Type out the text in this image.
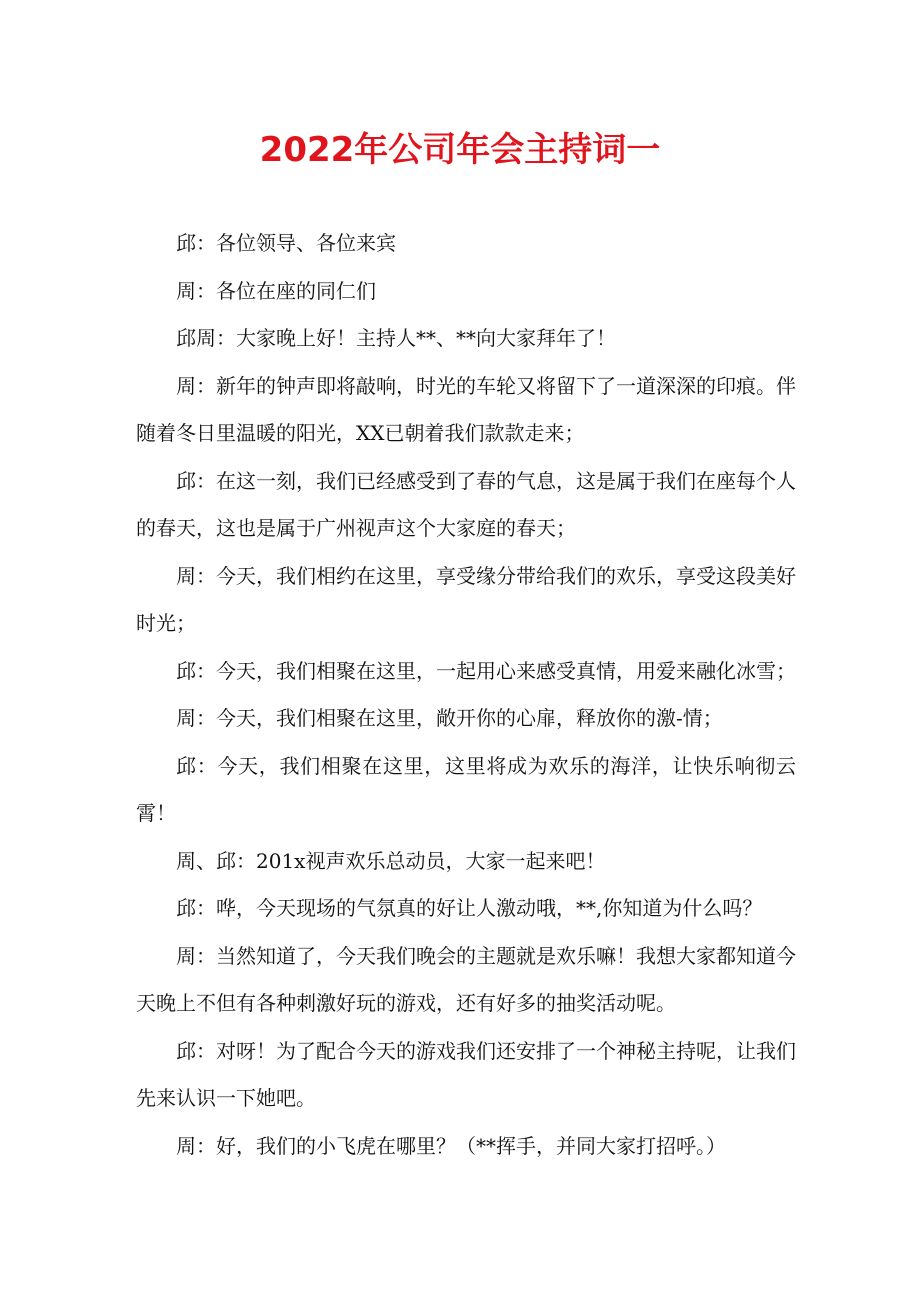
2022年公司年会主持词一

邱：各位领导、各位来宾

周：各位在座的同仁们

邱周：大家晚上好！主持人**、**向大家拜年了！

周：新年的钟声即将敲响，时光的车轮又将留下了一道深深的印痕。伴随着冬日里温暖的阳光，XX已朝着我们款款走来；

邱：在这一刻，我们已经感受到了春的气息，这是属于我们在座每个人的春天，这也是属于广州视声这个大家庭的春天；

周：今天，我们相约在这里，享受缘分带给我们的欢乐，享受这段美好时光；

邱：今天，我们相聚在这里，一起用心来感受真情，用爱来融化冰雪；

周：今天，我们相聚在这里，敞开你的心扉，释放你的激-情；

邱：今天，我们相聚在这里，这里将成为欢乐的海洋，让快乐响彻云霄！

周、邱：201x视声欢乐总动员，大家一起来吧！

邱：哗，今天现场的气氛真的好让人激动哦，**,你知道为什么吗？

周：当然知道了，今天我们晚会的主题就是欢乐嘛！我想大家都知道今天晚上不但有各种刺激好玩的游戏，还有好多的抽奖活动呢。

邱：对呀！为了配合今天的游戏我们还安排了一个神秘主持呢，让我们先来认识一下她吧。

周：好，我们的小飞虎在哪里？（**挥手，并同大家打招呼。）
